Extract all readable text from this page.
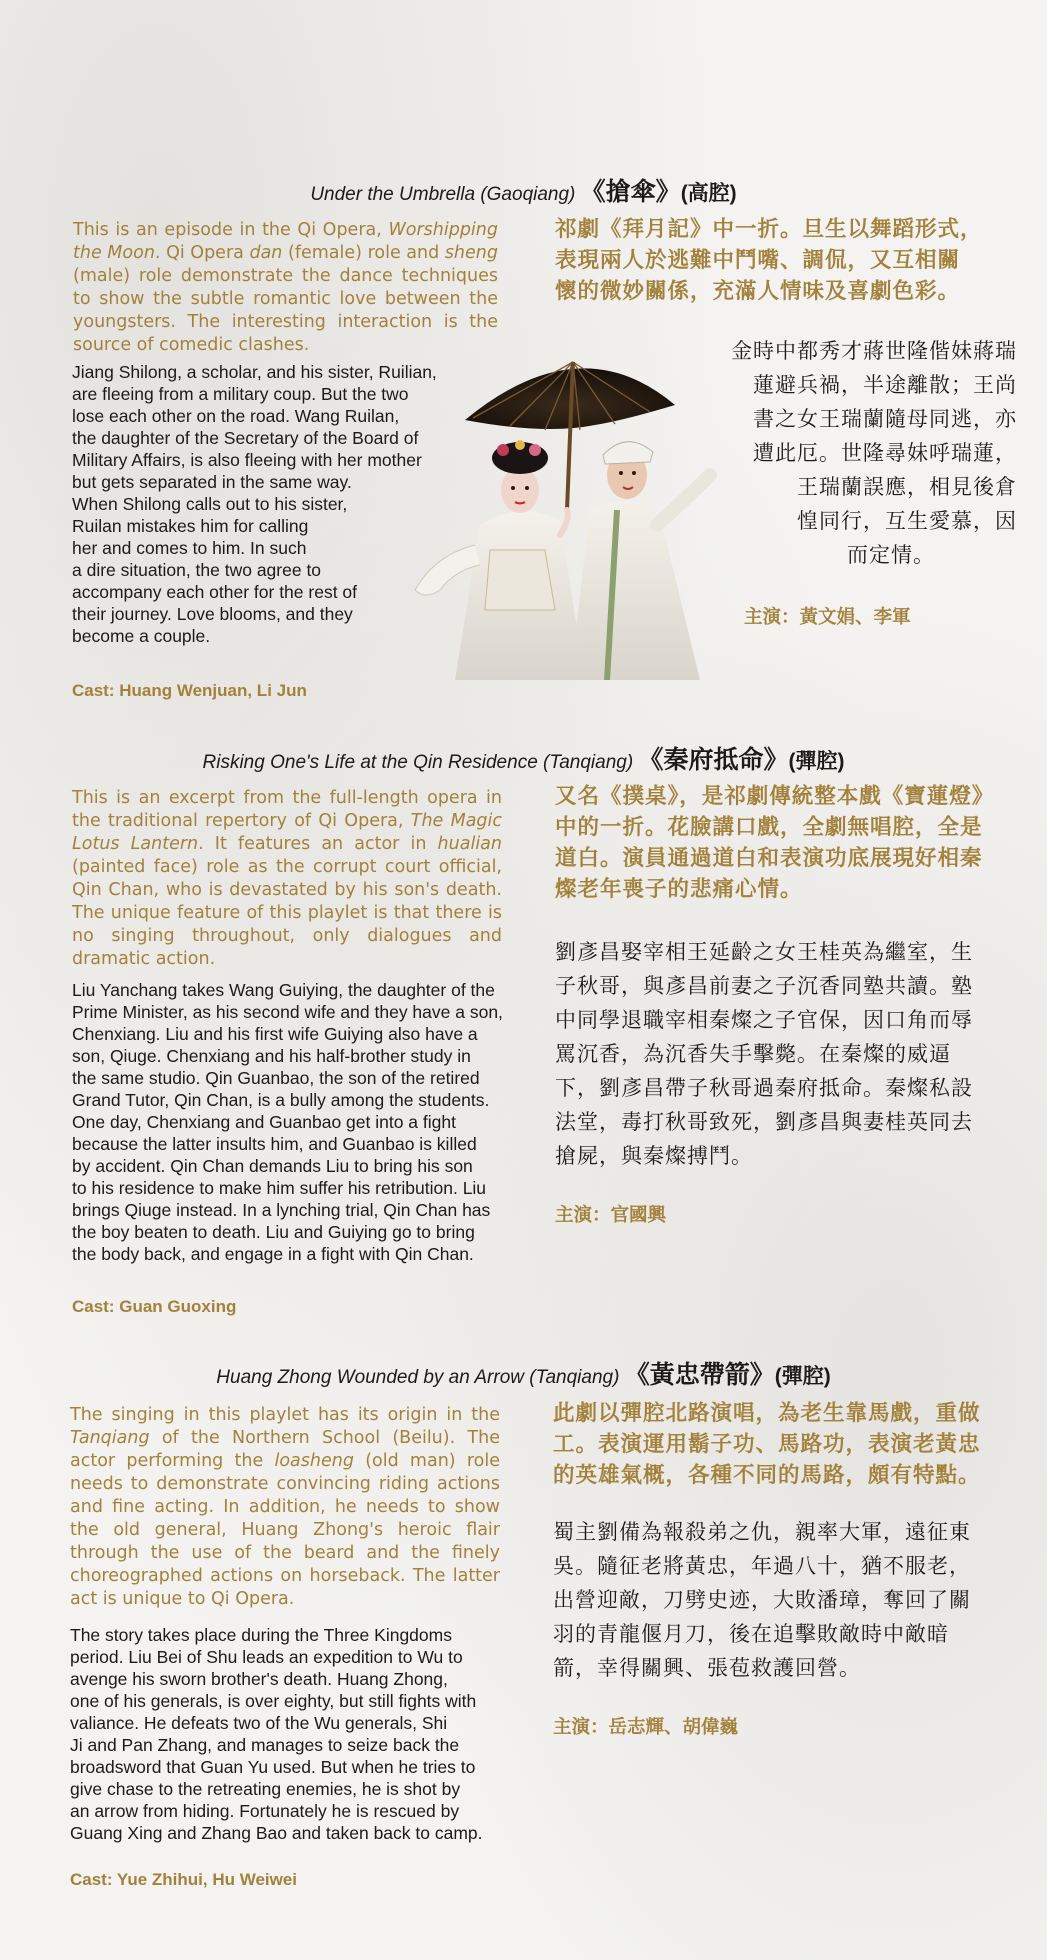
Under the Umbrella (Gaoqiang) 《搶傘》(高腔)
This is an episode in the Qi Opera, Worshipping the Moon. Qi Opera dan (female) role and sheng (male) role demonstrate the dance techniques to show the subtle romantic love between the youngsters. The interesting interaction is the source of comedic clashes.
Jiang Shilong, a scholar, and his sister, Ruilian,
are fleeing from a military coup. But the two
lose each other on the road. Wang Ruilan,
the daughter of the Secretary of the Board of
Military Affairs, is also fleeing with her mother
but gets separated in the same way.
When Shilong calls out to his sister,
Ruilan mistakes him for calling
her and comes to him. In such
a dire situation, the two agree to
accompany each other for the rest of
their journey. Love blooms, and they
become a couple.
Cast: Huang Wenjuan, Li Jun
祁劇《拜月記》中一折。旦生以舞蹈形式，
表現兩人於逃難中鬥嘴、調侃，又互相關
懷的微妙關係，充滿人情味及喜劇色彩。
金時中都秀才蔣世隆偕妹蔣瑞
蓮避兵禍，半途離散；王尚
書之女王瑞蘭隨母同逃，亦
遭此厄。世隆尋妹呼瑞蓮，
王瑞蘭誤應，相見後倉
惶同行，互生愛慕，因
而定情。
主演：黃文娟、李軍
Risking One's Life at the Qin Residence (Tanqiang) 《秦府抵命》(彈腔)
This is an excerpt from the full-length opera in the traditional repertory of Qi Opera, The Magic Lotus Lantern. It features an actor in hualian (painted face) role as the corrupt court official, Qin Chan, who is devastated by his son's death. The unique feature of this playlet is that there is no singing throughout, only dialogues and dramatic action.
Liu Yanchang takes Wang Guiying, the daughter of the
Prime Minister, as his second wife and they have a son,
Chenxiang. Liu and his first wife Guiying also have a
son, Qiuge. Chenxiang and his half-brother study in
the same studio. Qin Guanbao, the son of the retired
Grand Tutor, Qin Chan, is a bully among the students.
One day, Chenxiang and Guanbao get into a fight
because the latter insults him, and Guanbao is killed
by accident. Qin Chan demands Liu to bring his son
to his residence to make him suffer his retribution. Liu
brings Qiuge instead. In a lynching trial, Qin Chan has
the boy beaten to death. Liu and Guiying go to bring
the body back, and engage in a fight with Qin Chan.
Cast: Guan Guoxing
又名《撲桌》，是祁劇傳統整本戲《寶蓮燈》
中的一折。花臉講口戲，全劇無唱腔，全是
道白。演員通過道白和表演功底展現好相秦
燦老年喪子的悲痛心情。
劉彥昌娶宰相王延齡之女王桂英為繼室，生
子秋哥，與彥昌前妻之子沉香同塾共讀。塾
中同學退職宰相秦燦之子官保，因口角而辱
罵沉香，為沉香失手擊斃。在秦燦的威逼
下，劉彥昌帶子秋哥過秦府抵命。秦燦私設
法堂，毒打秋哥致死，劉彥昌與妻桂英同去
搶屍，與秦燦搏鬥。
主演：官國興
Huang Zhong Wounded by an Arrow (Tanqiang) 《黃忠帶箭》(彈腔)
The singing in this playlet has its origin in the Tanqiang of the Northern School (Beilu). The actor performing the loasheng (old man) role needs to demonstrate convincing riding actions and fine acting. In addition, he needs to show the old general, Huang Zhong's heroic flair through the use of the beard and the finely choreographed actions on horseback. The latter act is unique to Qi Opera.
The story takes place during the Three Kingdoms
period. Liu Bei of Shu leads an expedition to Wu to
avenge his sworn brother's death. Huang Zhong,
one of his generals, is over eighty, but still fights with
valiance. He defeats two of the Wu generals, Shi
Ji and Pan Zhang, and manages to seize back the
broadsword that Guan Yu used. But when he tries to
give chase to the retreating enemies, he is shot by
an arrow from hiding. Fortunately he is rescued by
Guang Xing and Zhang Bao and taken back to camp.
Cast: Yue Zhihui, Hu Weiwei
此劇以彈腔北路演唱，為老生靠馬戲，重做
工。表演運用鬍子功、馬路功，表演老黃忠
的英雄氣概，各種不同的馬路，頗有特點。
蜀主劉備為報殺弟之仇，親率大軍，遠征東
吳。隨征老將黃忠，年過八十，猶不服老，
出營迎敵，刀劈史迹，大敗潘璋，奪回了關
羽的青龍偃月刀，後在追擊敗敵時中敵暗
箭，幸得關興、張苞救護回營。
主演：岳志輝、胡偉巍
